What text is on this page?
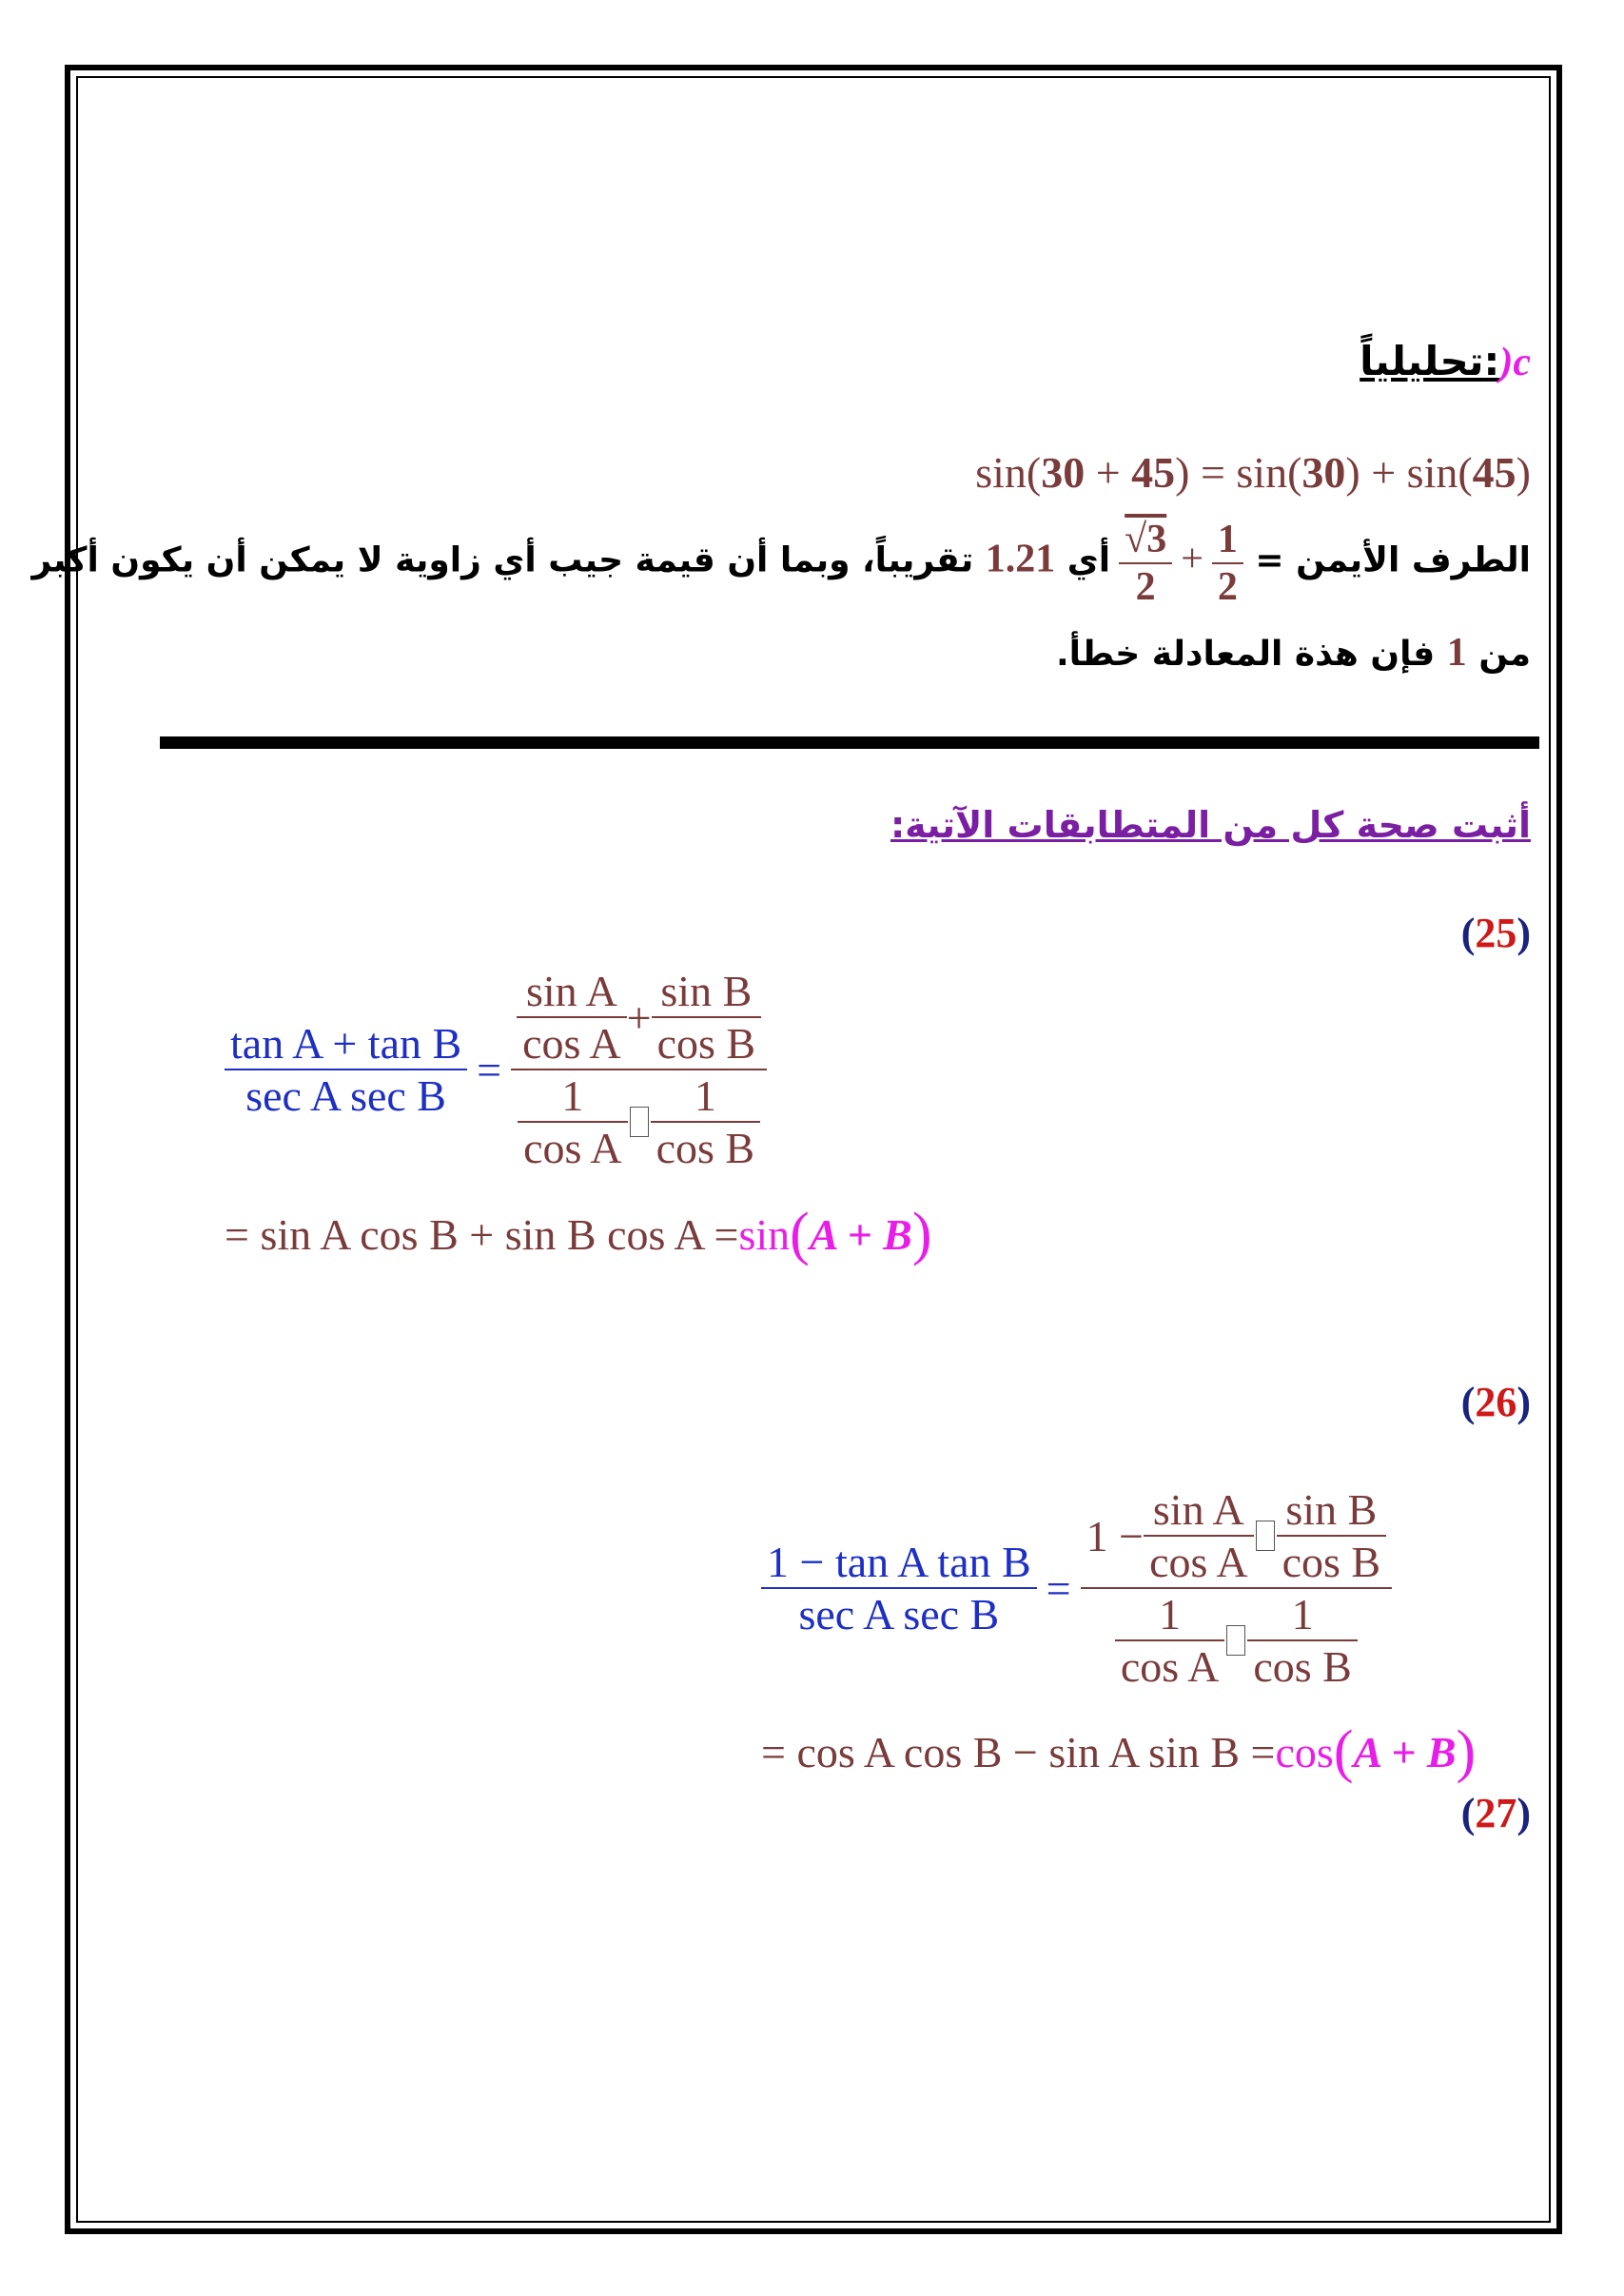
تحليلياً:)c
sin(30 + 45) = sin(30) + sin(45)
الطرف الأيمن =
$\frac{1}{2}$
+
$\frac{√3}{2}$
أي 1.21 تقريباً، وبما أن قيمة جيب أي زاوية لا يمكن أن يكون أكبر
من 1 فإن هذة المعادلة خطأ.
أثبت صحة كل من المتطابقات الآتية:
(25)
$\frac{\text{tan A + tan B}}{\text{sec A sec B}} = \frac{\frac{\text{sin A}}{\text{cos A}} + \frac{\text{sin B}}{\text{cos B}}}{\frac{1}{\text{cos A}} \frac{1}{\text{cos B}}}$
= sin A cos B + sin B cos A = sin ( A + B )
(26)
$\frac{\text{1 − tan A tan B}}{\text{sec A sec B}} = \frac{1 - \frac{\text{sin A}}{\text{cos A}} \frac{\text{sin B}}{\text{cos B}}}{\frac{1}{\text{cos A}} \frac{1}{\text{cos B}}}$
= cos A cos B − sin A sin B = cos ( A + B )
(27)
